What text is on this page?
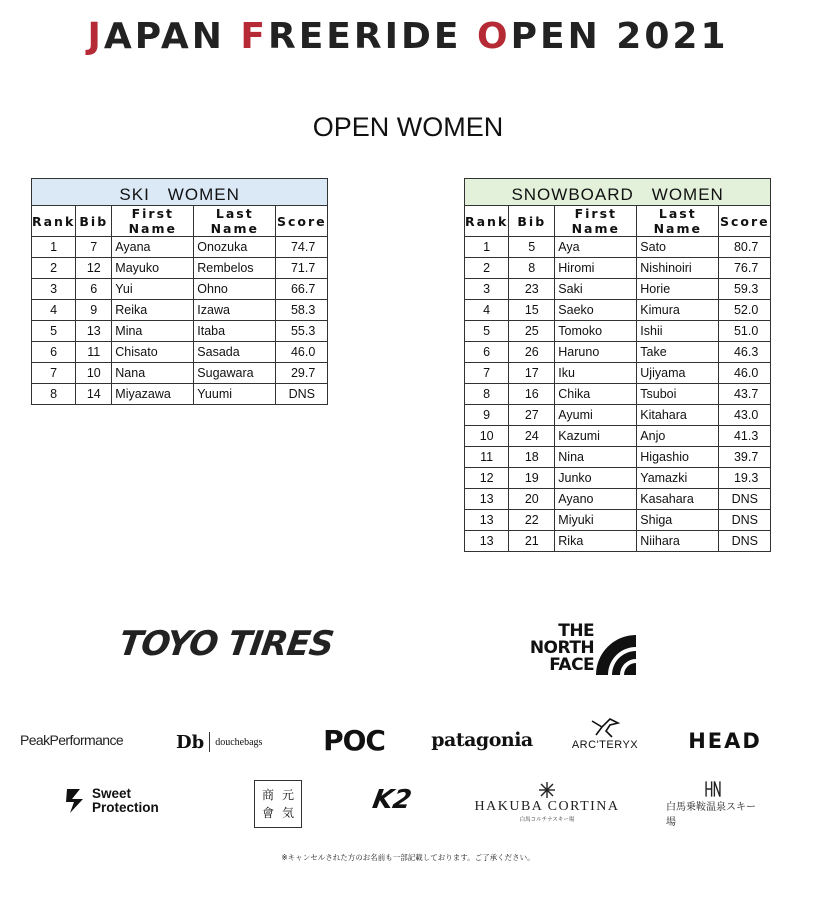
JAPAN FREERIDE OPEN 2021
OPEN WOMEN
SKI　WOMEN				
Rank	Bib	First Name	Last Name	Score
1	7	Ayana	Onozuka	74.7
2	12	Mayuko	Rembelos	71.7
3	6	Yui	Ohno	66.7
4	9	Reika	Izawa	58.3
5	13	Mina	Itaba	55.3
6	11	Chisato	Sasada	46.0
7	10	Nana	Sugawara	29.7
8	14	Miyazawa	Yuumi	DNS
SNOWBOARD　WOMEN				
Rank	Bib	First Name	Last Name	Score
1	5	Aya	Sato	80.7
2	8	Hiromi	Nishinoiri	76.7
3	23	Saki	Horie	59.3
4	15	Saeko	Kimura	52.0
5	25	Tomoko	Ishii	51.0
6	26	Haruno	Take	46.3
7	17	Iku	Ujiyama	46.0
8	16	Chika	Tsuboi	43.7
9	27	Ayumi	Kitahara	43.0
10	24	Kazumi	Anjo	41.3
11	18	Nina	Higashio	39.7
12	19	Junko	Yamazki	19.3
13	20	Ayano	Kasahara	DNS
13	22	Miyuki	Shiga	DNS
13	21	Rika	Niihara	DNS
TOYO TIRES	THE
NORTH
FACE
PeakPerformance	Db douchebags POC patagonia	ARC'TERYX	HEAD
Sweet
Protection
商 元
會 気	K2	HAKUBA CORTINA
白馬コルチナスキー場
白馬乗鞍温泉スキー場
※キャンセルされた方のお名前も一部記載しております。ご了承ください。
